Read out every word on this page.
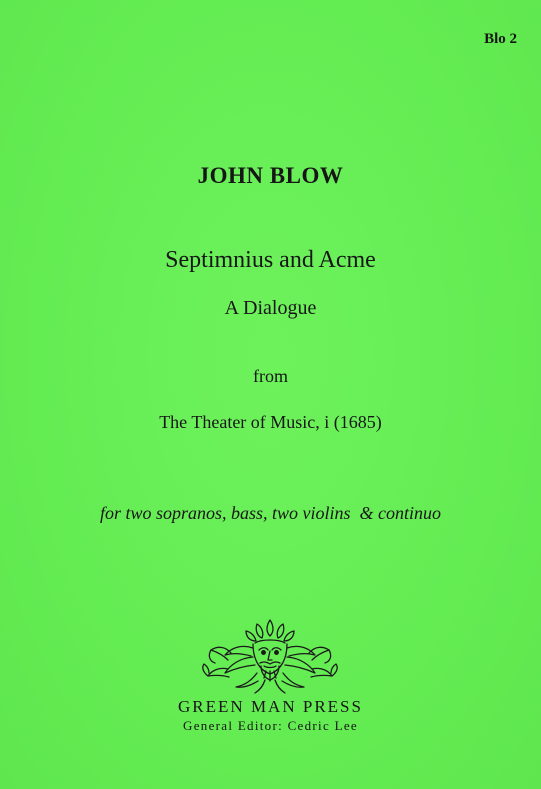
Blo 2
JOHN BLOW
Septimnius and Acme
A Dialogue
from
The Theater of Music, i (1685)
for two sopranos, bass, two violins  & continuo
GREEN MAN PRESS
General Editor: Cedric Lee
